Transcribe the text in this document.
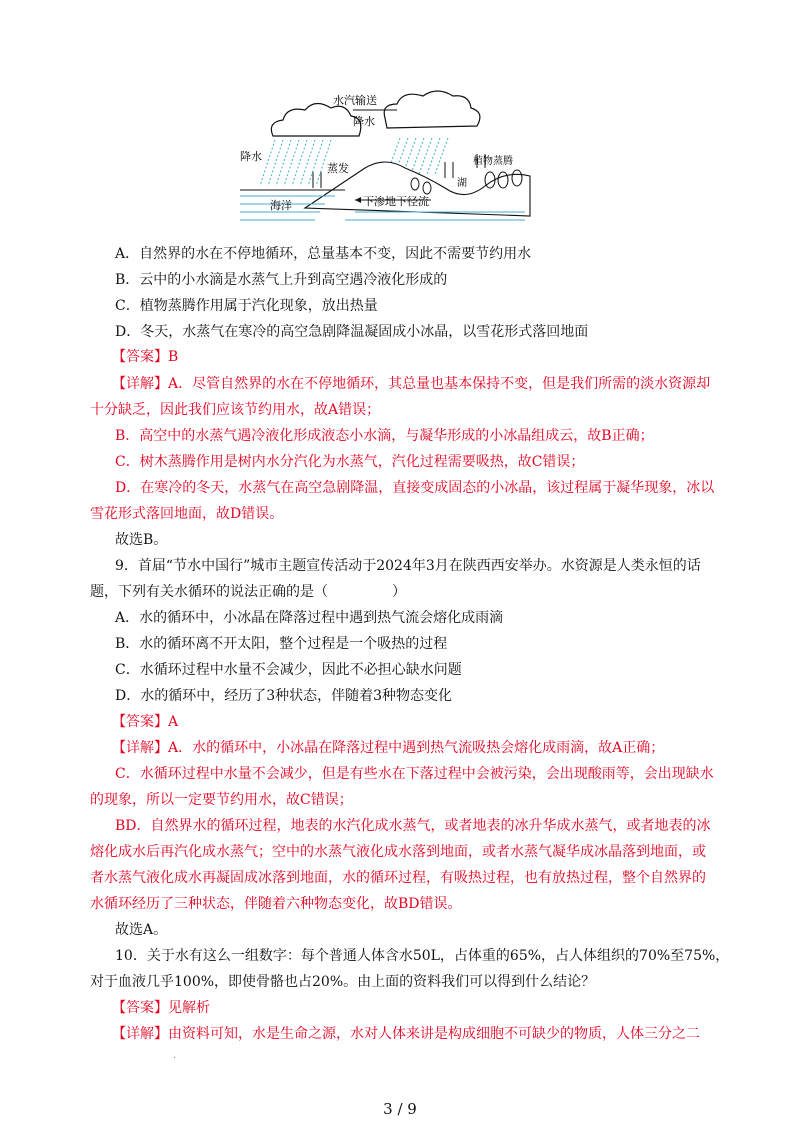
水汽输送
降水
降水
蒸发
湖
植物蒸腾
海洋	下渗地下径流
A．自然界的水在不停地循环，总量基本不变，因此不需要节约用水
B．云中的小水滴是水蒸气上升到高空遇冷液化形成的
C．植物蒸腾作用属于汽化现象，放出热量
D．冬天，水蒸气在寒冷的高空急剧降温凝固成小冰晶，以雪花形式落回地面
【答案】B
【详解】A．尽管自然界的水在不停地循环，其总量也基本保持不变，但是我们所需的淡水资源却
十分缺乏，因此我们应该节约用水，故A错误；
B．高空中的水蒸气遇冷液化形成液态小水滴，与凝华形成的小冰晶组成云，故B正确；
C．树木蒸腾作用是树内水分汽化为水蒸气，汽化过程需要吸热，故C错误；
D．在寒冷的冬天，水蒸气在高空急剧降温，直接变成固态的小冰晶，该过程属于凝华现象，冰以
雪花形式落回地面，故D错误。
故选B。
9．首届“节水中国行”城市主题宣传活动于2024年3月在陕西西安举办。水资源是人类永恒的话
题，下列有关水循环的说法正确的是（	）
A．水的循环中，小冰晶在降落过程中遇到热气流会熔化成雨滴
B．水的循环离不开太阳，整个过程是一个吸热的过程
C．水循环过程中水量不会减少，因此不必担心缺水问题
D．水的循环中，经历了3种状态，伴随着3种物态变化
【答案】A
【详解】A．水的循环中，小冰晶在降落过程中遇到热气流吸热会熔化成雨滴，故A正确；
C．水循环过程中水量不会减少，但是有些水在下落过程中会被污染，会出现酸雨等，会出现缺水
的现象，所以一定要节约用水，故C错误；
BD．自然界水的循环过程，地表的水汽化成水蒸气，或者地表的冰升华成水蒸气，或者地表的冰
熔化成水后再汽化成水蒸气；空中的水蒸气液化成水落到地面，或者水蒸气凝华成冰晶落到地面，或
者水蒸气液化成水再凝固成冰落到地面，水的循环过程，有吸热过程，也有放热过程，整个自然界的
水循环经历了三种状态，伴随着六种物态变化，故BD错误。
故选A。
10．关于水有这么一组数字：每个普通人体含水50L，占体重的65%，占人体组织的70%至75%，
对于血液几乎100%，即使骨骼也占20%。由上面的资料我们可以得到什么结论？
【答案】见解析
【详解】由资料可知，水是生命之源，水对人体来讲是构成细胞不可缺少的物质，人体三分之二
.
3 / 9
